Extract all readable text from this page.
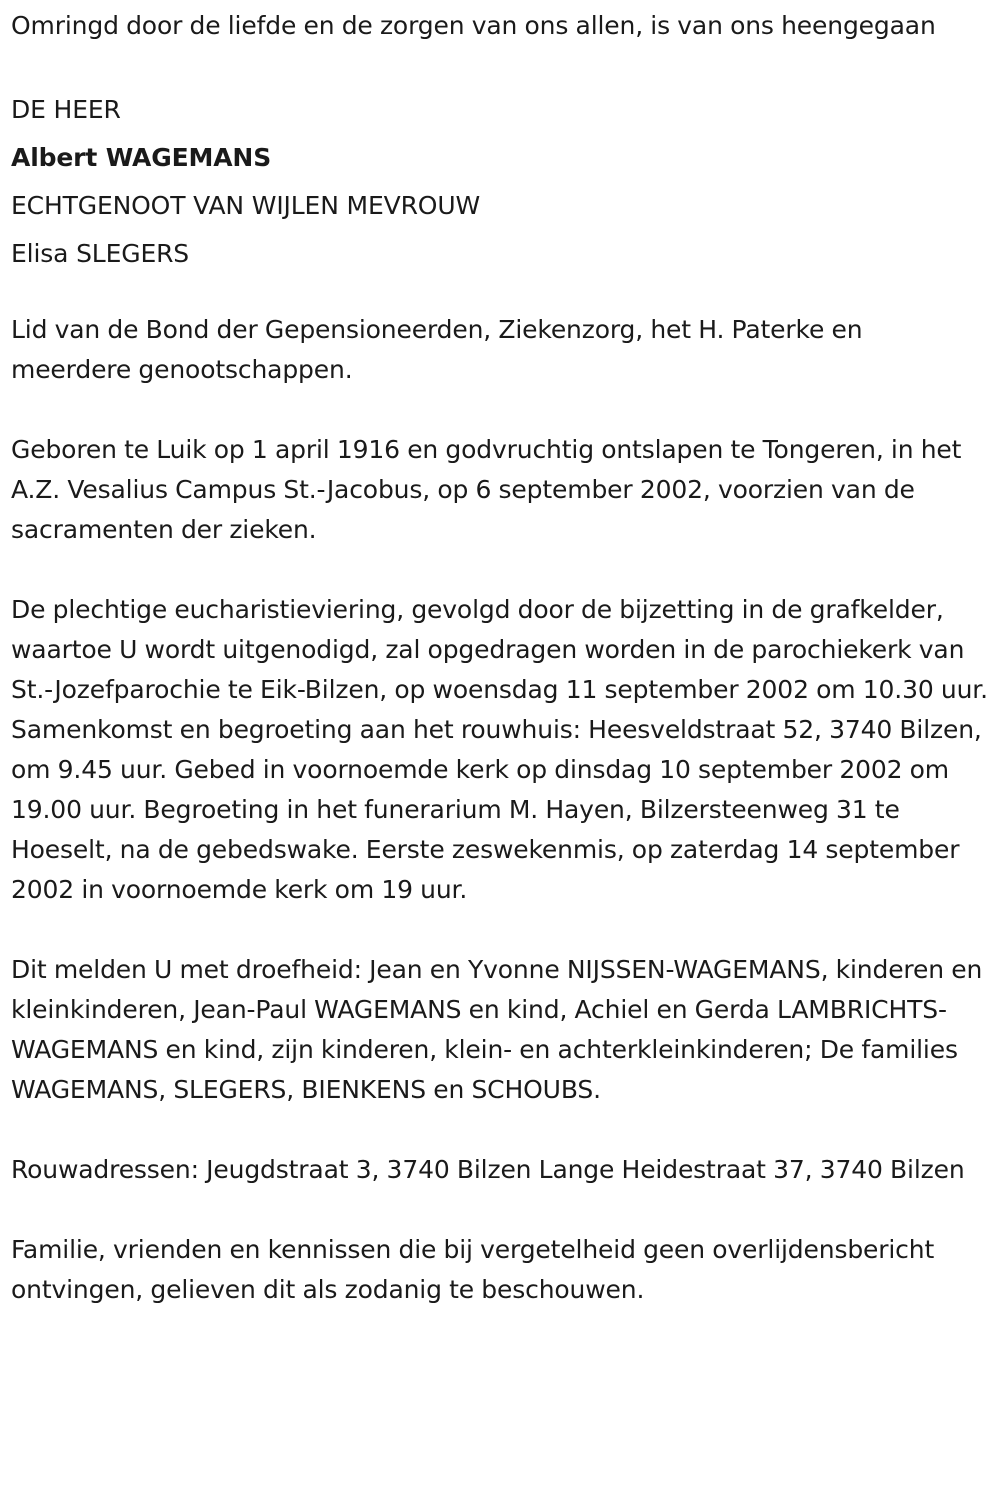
Omringd door de liefde en de zorgen van ons allen, is van ons heengegaan

DE HEER
Albert WAGEMANS
ECHTGENOOT VAN WIJLEN MEVROUW
Elisa SLEGERS

Lid van de Bond der Gepensioneerden, Ziekenzorg, het H. Paterke en meerdere genootschappen.

Geboren te Luik op 1 april 1916 en godvruchtig ontslapen te Tongeren, in het A.Z. Vesalius Campus St.-Jacobus, op 6 september 2002, voorzien van de sacramenten der zieken.

De plechtige eucharistieviering, gevolgd door de bijzetting in de grafkelder, waartoe U wordt uitgenodigd, zal opgedragen worden in de parochiekerk van St.-Jozefparochie te Eik-Bilzen, op woensdag 11 september 2002 om 10.30 uur. Samenkomst en begroeting aan het rouwhuis: Heesveldstraat 52, 3740 Bilzen, om 9.45 uur. Gebed in voornoemde kerk op dinsdag 10 september 2002 om 19.00 uur. Begroeting in het funerarium M. Hayen, Bilzersteenweg 31 te Hoeselt, na de gebedswake. Eerste zeswekenmis, op zaterdag 14 september 2002 in voornoemde kerk om 19 uur.

Dit melden U met droefheid: Jean en Yvonne NIJSSEN-WAGEMANS, kinderen en kleinkinderen, Jean-Paul WAGEMANS en kind, Achiel en Gerda LAMBRICHTS-WAGEMANS en kind, zijn kinderen, klein- en achterkleinkinderen; De families WAGEMANS, SLEGERS, BIENKENS en SCHOUBS.

Rouwadressen: Jeugdstraat 3, 3740 Bilzen Lange Heidestraat 37, 3740 Bilzen

Familie, vrienden en kennissen die bij vergetelheid geen overlijdensbericht ontvingen, gelieven dit als zodanig te beschouwen.
